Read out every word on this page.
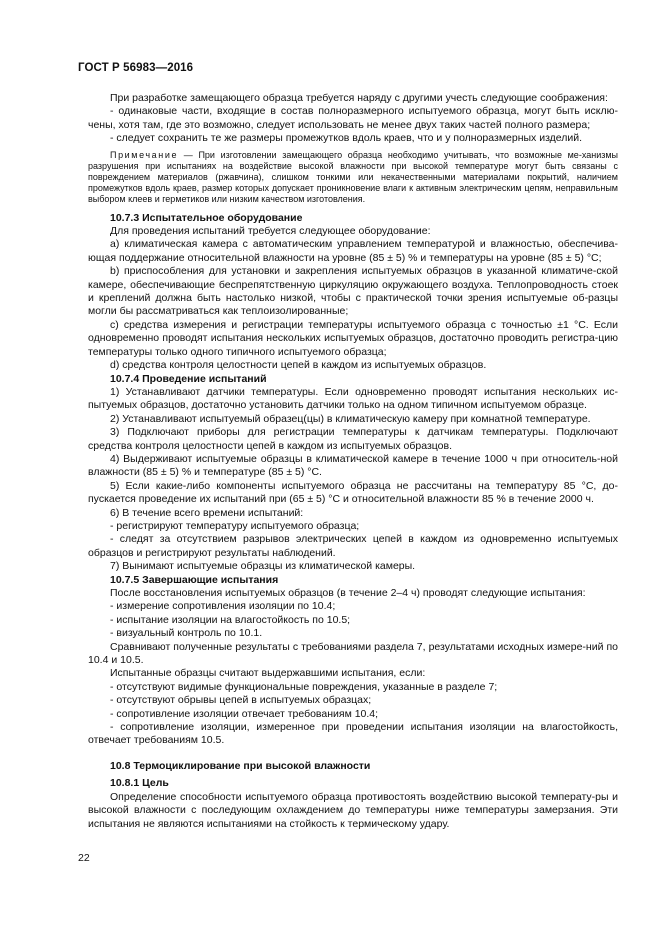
ГОСТ Р 56983—2016

При разработке замещающего образца требуется наряду с другими учесть следующие соображения:

- одинаковые части, входящие в состав полноразмерного испытуемого образца, могут быть исклю-чены, хотя там, где это возможно, следует использовать не менее двух таких частей полного размера;

- следует сохранить те же размеры промежутков вдоль краев, что и у полноразмерных изделий.

Примечание — При изготовлении замещающего образца необходимо учитывать, что возможные ме-ханизмы разрушения при испытаниях на воздействие высокой влажности при высокой температуре могут быть связаны с повреждением материалов (ржавчина), слишком тонкими или некачественными материалами покрытий, наличием промежутков вдоль краев, размер которых допускает проникновение влаги к активным электрическим цепям, неправильным выбором клеев и герметиков или низким качеством изготовления.

10.7.3 Испытательное оборудование

Для проведения испытаний требуется следующее оборудование:

a) климатическая камера с автоматическим управлением температурой и влажностью, обеспечива-ющая поддержание относительной влажности на уровне (85 ± 5) % и температуры на уровне (85 ± 5) °C;

b) приспособления для установки и закрепления испытуемых образцов в указанной климатиче-ской камере, обеспечивающие беспрепятственную циркуляцию окружающего воздуха. Теплопроводность стоек и креплений должна быть настолько низкой, чтобы с практической точки зрения испытуемые об-разцы могли бы рассматриваться как теплоизолированные;

c) средства измерения и регистрации температуры испытуемого образца с точностью ±1 °C. Если одновременно проводят испытания нескольких испытуемых образцов, достаточно проводить регистра-цию температуры только одного типичного испытуемого образца;

d) средства контроля целостности цепей в каждом из испытуемых образцов.

10.7.4 Проведение испытаний

1) Устанавливают датчики температуры. Если одновременно проводят испытания нескольких ис-пытуемых образцов, достаточно установить датчики только на одном типичном испытуемом образце.

2) Устанавливают испытуемый образец(цы) в климатическую камеру при комнатной температуре.

3) Подключают приборы для регистрации температуры к датчикам температуры. Подключают средства контроля целостности цепей в каждом из испытуемых образцов.

4) Выдерживают испытуемые образцы в климатической камере в течение 1000 ч при относитель-ной влажности (85 ± 5) % и температуре (85 ± 5) °C.

5) Если какие-либо компоненты испытуемого образца не рассчитаны на температуру 85 °C, до-пускается проведение их испытаний при (65 ± 5) °C и относительной влажности 85 % в течение 2000 ч.

6) В течение всего времени испытаний:

- регистрируют температуру испытуемого образца;

- следят за отсутствием разрывов электрических цепей в каждом из одновременно испытуемых образцов и регистрируют результаты наблюдений.

7) Вынимают испытуемые образцы из климатической камеры.

10.7.5 Завершающие испытания

После восстановления испытуемых образцов (в течение 2–4 ч) проводят следующие испытания:

- измерение сопротивления изоляции по 10.4;

- испытание изоляции на влагостойкость по 10.5;

- визуальный контроль по 10.1.

Сравнивают полученные результаты с требованиями раздела 7, результатами исходных измере-ний по 10.4 и 10.5.

Испытанные образцы считают выдержавшими испытания, если:

- отсутствуют видимые функциональные повреждения, указанные в разделе 7;

- отсутствуют обрывы цепей в испытуемых образцах;

- сопротивление изоляции отвечает требованиям 10.4;

- сопротивление изоляции, измеренное при проведении испытания изоляции на влагостойкость, отвечает требованиям 10.5.

10.8 Термоциклирование при высокой влажности

10.8.1 Цель

Определение способности испытуемого образца противостоять воздействию высокой температу-ры и высокой влажности с последующим охлаждением до температуры ниже температуры замерзания. Эти испытания не являются испытаниями на стойкость к термическому удару.

22
